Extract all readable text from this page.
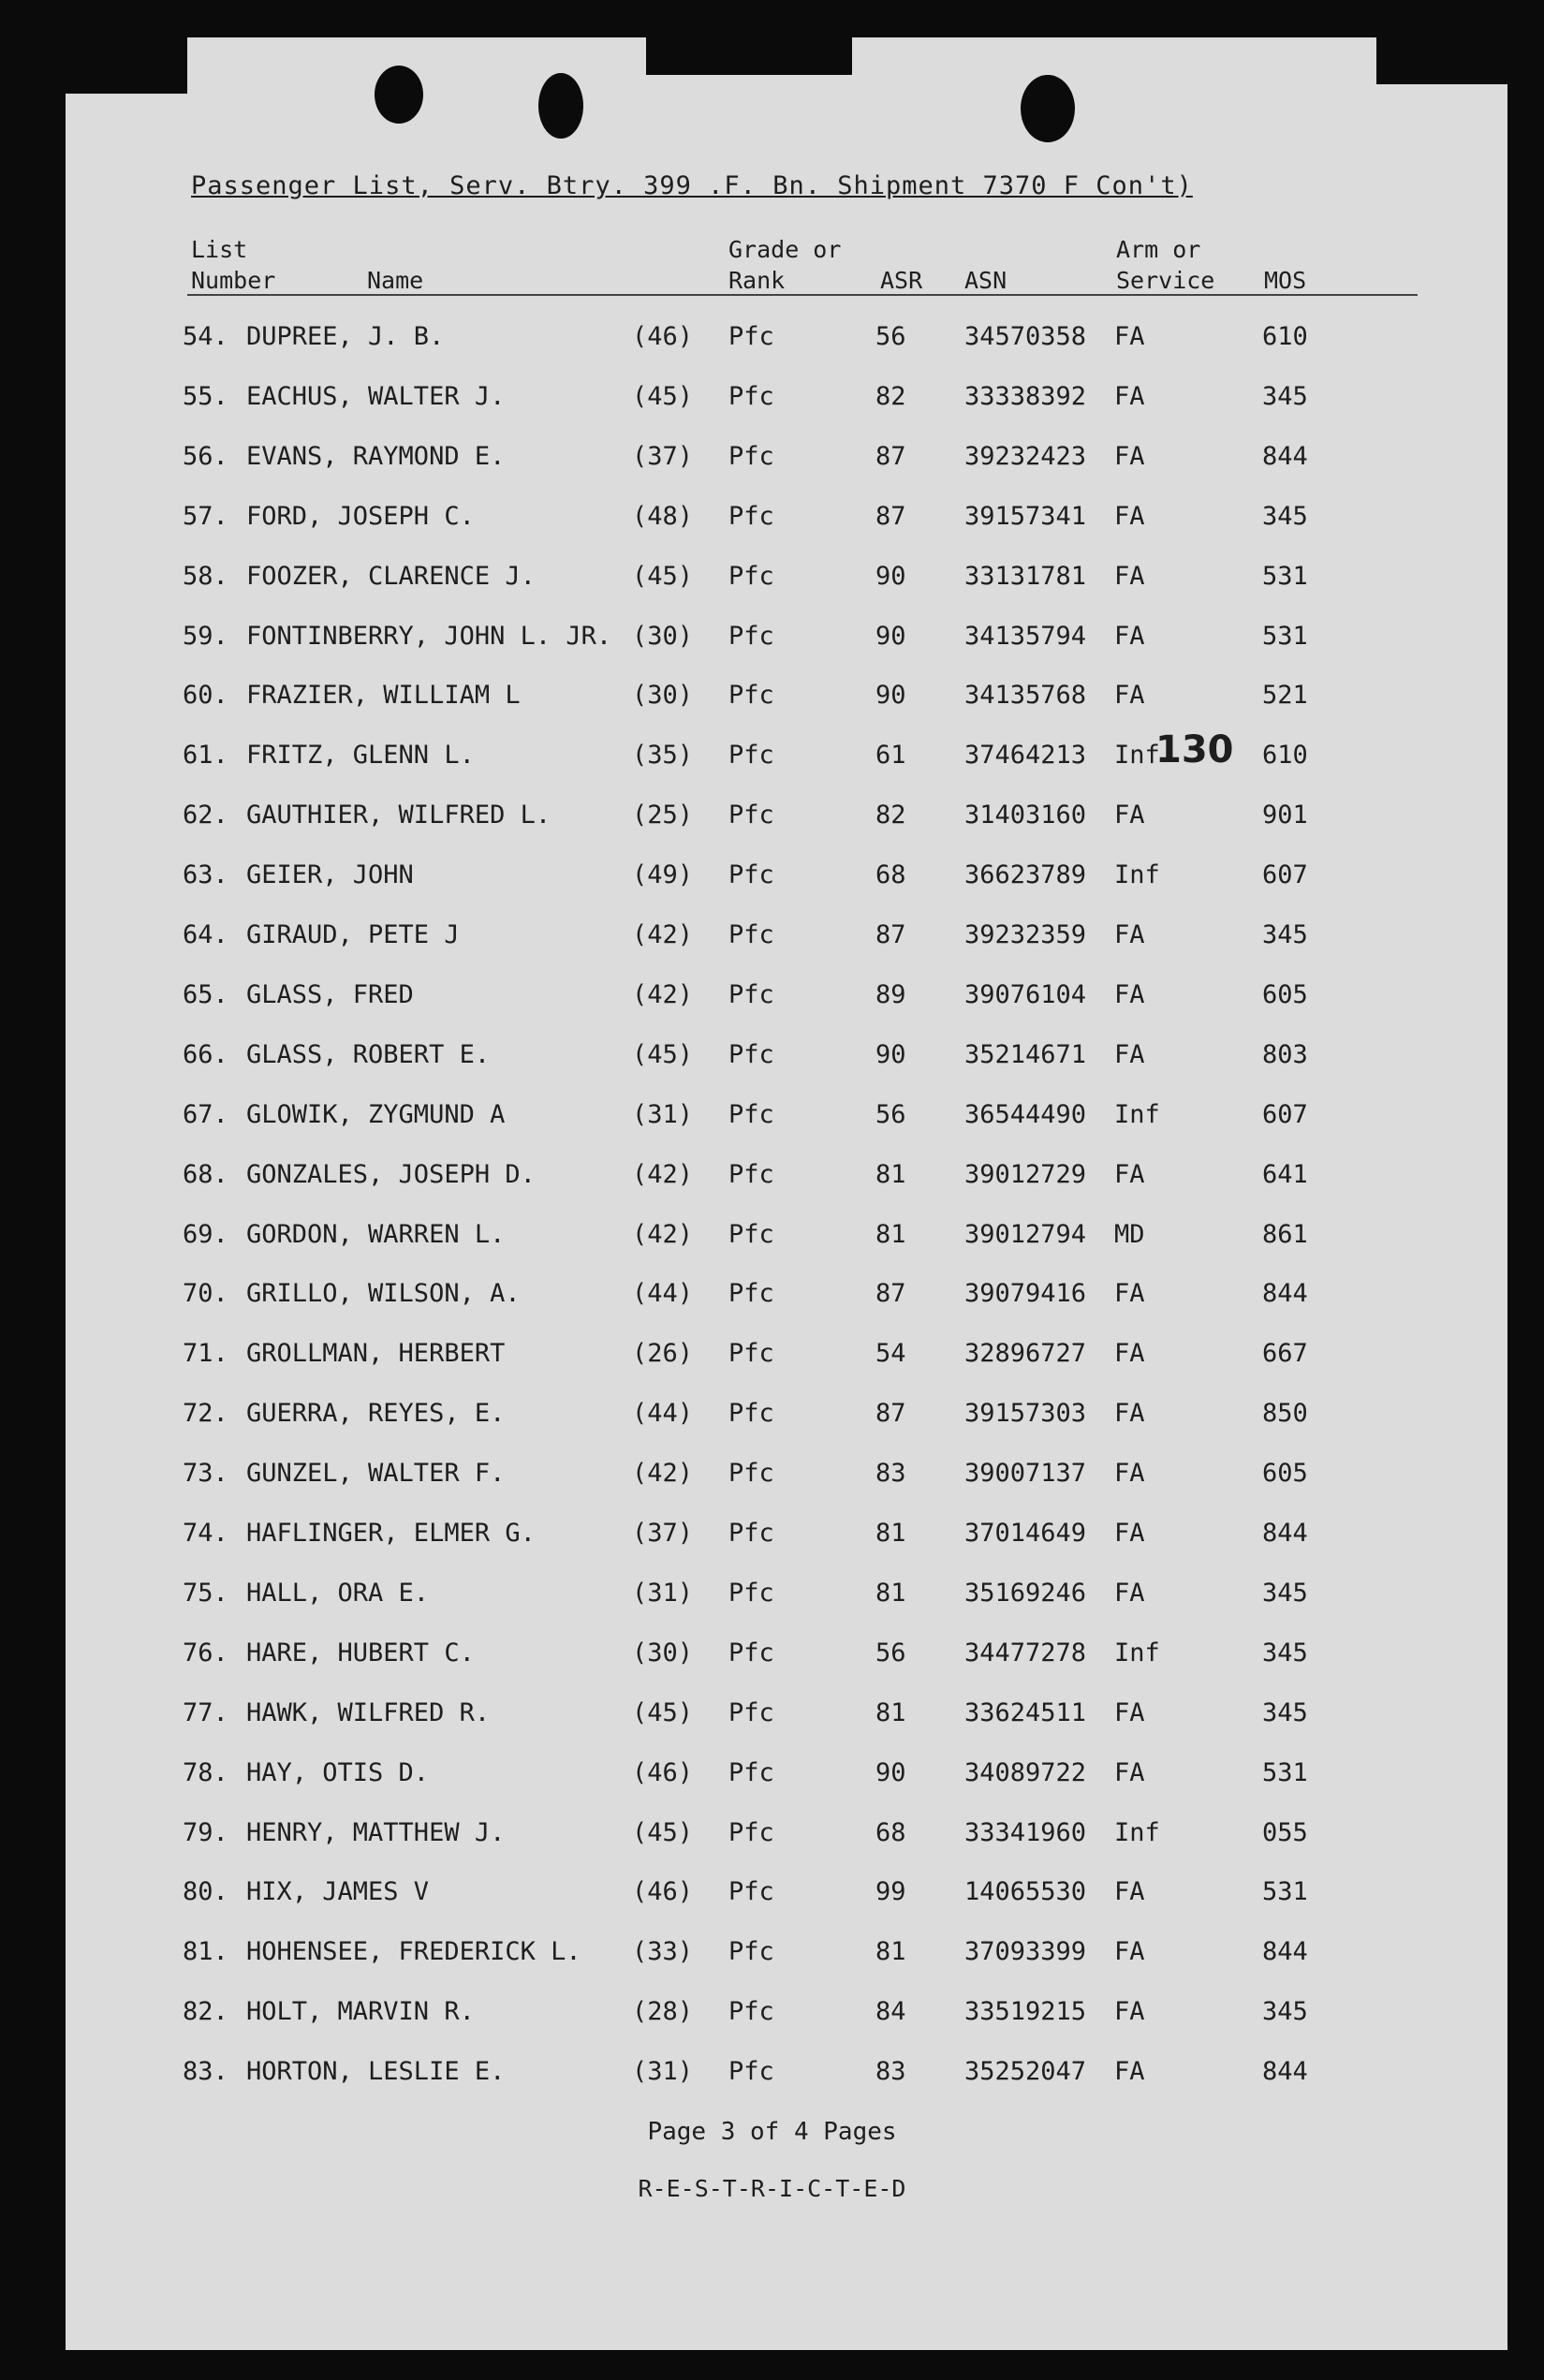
Passenger List, Serv. Btry. 399 .F. Bn. Shipment 7370 F Con't)
List
Number	Name
Grade or
Rank	ASR ASN
Arm or
Service MOS
54. DUPREE, J. B.	(46) Pfc	56 34570358 FA	610
55. EACHUS, WALTER J.	(45) Pfc	82 33338392 FA	345
56. EVANS, RAYMOND E.	(37) Pfc	87 39232423 FA	844
57. FORD, JOSEPH C.	(48) Pfc	87 39157341 FA	345
58. FOOZER, CLARENCE J.	(45) Pfc	90 33131781 FA	531
59. FONTINBERRY, JOHN L. JR. (30) Pfc	90 34135794 FA	531
60. FRAZIER, WILLIAM L	(30) Pfc	90 34135768 FA	521
61. FRITZ, GLENN L.	(35) Pfc	61 37464213 Inf	610
62. GAUTHIER, WILFRED L.	(25) Pfc	82 31403160 FA	901
63. GEIER, JOHN	(49) Pfc	68 36623789 Inf	607
64. GIRAUD, PETE J	(42) Pfc	87 39232359 FA	345
65. GLASS, FRED	(42) Pfc	89 39076104 FA	605
66. GLASS, ROBERT E.	(45) Pfc	90 35214671 FA	803
67. GLOWIK, ZYGMUND A	(31) Pfc	56 36544490 Inf	607
68. GONZALES, JOSEPH D.	(42) Pfc	81 39012729 FA	641
69. GORDON, WARREN L.	(42) Pfc	81 39012794 MD	861
70. GRILLO, WILSON, A.	(44) Pfc	87 39079416 FA	844
71. GROLLMAN, HERBERT	(26) Pfc	54 32896727 FA	667
72. GUERRA, REYES, E.	(44) Pfc	87 39157303 FA	850
73. GUNZEL, WALTER F.	(42) Pfc	83 39007137 FA	605
74. HAFLINGER, ELMER G.	(37) Pfc	81 37014649 FA	844
75. HALL, ORA E.	(31) Pfc	81 35169246 FA	345
76. HARE, HUBERT C.	(30) Pfc	56 34477278 Inf	345
77. HAWK, WILFRED R.	(45) Pfc	81 33624511 FA	345
78. HAY, OTIS D.	(46) Pfc	90 34089722 FA	531
79. HENRY, MATTHEW J.	(45) Pfc	68 33341960 Inf	055
80. HIX, JAMES V	(46) Pfc	99 14065530 FA	531
81. HOHENSEE, FREDERICK L. (33) Pfc	81 37093399 FA	844
82. HOLT, MARVIN R.	(28) Pfc	84 33519215 FA	345
83. HORTON, LESLIE E.	(31) Pfc	83 35252047 FA	844
130
Page 3 of 4 Pages
R-E-S-T-R-I-C-T-E-D
